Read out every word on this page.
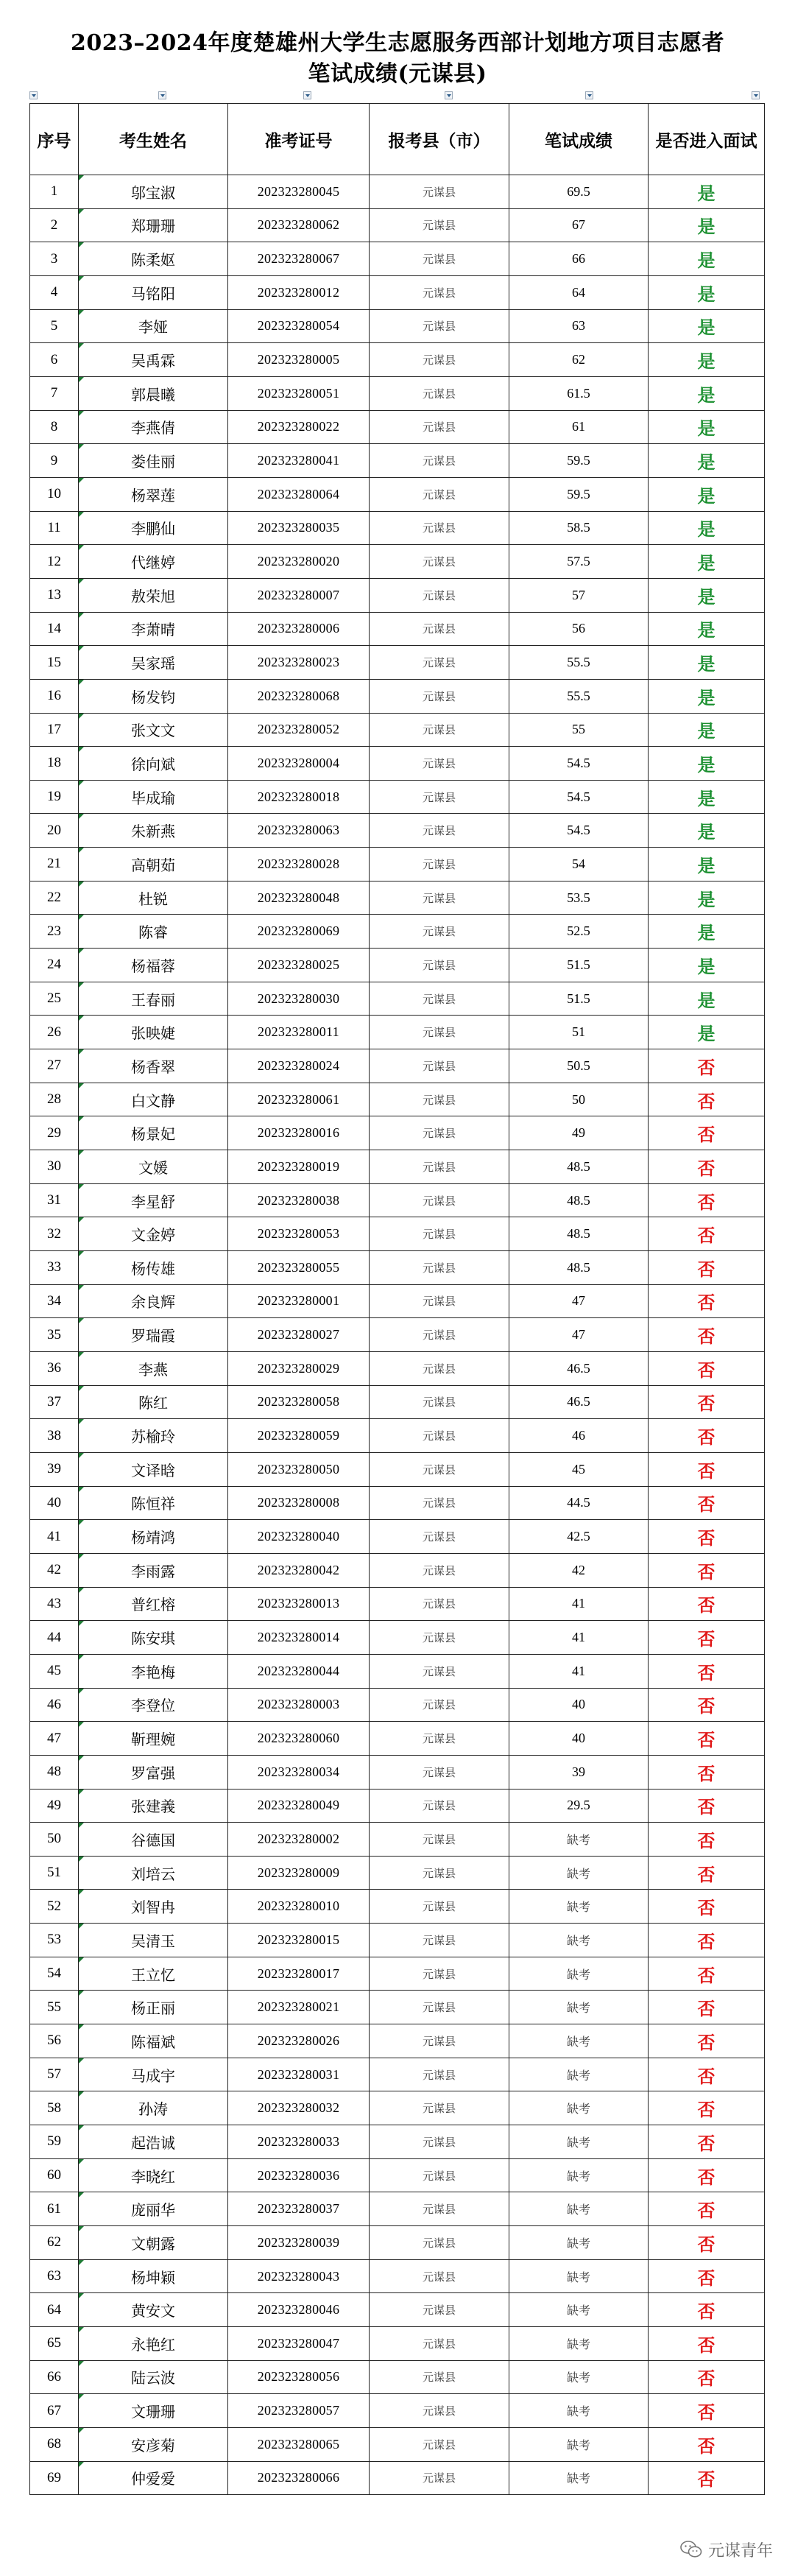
2023–2024年度楚雄州大学生志愿服务西部计划地方项目志愿者
笔试成绩(元谋县)
序号	考生姓名	准考证号	报考县（市）	笔试成绩	是否进入面试
1	邬宝淑	202323280045	元谋县	69.5	是
2	郑珊珊	202323280062	元谋县	67	是
3	陈柔妪	202323280067	元谋县	66	是
4	马铭阳	202323280012	元谋县	64	是
5	李娅	202323280054	元谋县	63	是
6	吴禹霖	202323280005	元谋县	62	是
7	郭晨曦	202323280051	元谋县	61.5	是
8	李燕倩	202323280022	元谋县	61	是
9	娄佳丽	202323280041	元谋县	59.5	是
10	杨翠莲	202323280064	元谋县	59.5	是
11	李鹏仙	202323280035	元谋县	58.5	是
12	代继婷	202323280020	元谋县	57.5	是
13	敖荣旭	202323280007	元谋县	57	是
14	李萧晴	202323280006	元谋县	56	是
15	吴家瑶	202323280023	元谋县	55.5	是
16	杨发钧	202323280068	元谋县	55.5	是
17	张文文	202323280052	元谋县	55	是
18	徐向斌	202323280004	元谋县	54.5	是
19	毕成瑜	202323280018	元谋县	54.5	是
20	朱新燕	202323280063	元谋县	54.5	是
21	高朝茹	202323280028	元谋县	54	是
22	杜锐	202323280048	元谋县	53.5	是
23	陈睿	202323280069	元谋县	52.5	是
24	杨福蓉	202323280025	元谋县	51.5	是
25	王春丽	202323280030	元谋县	51.5	是
26	张映婕	202323280011	元谋县	51	是
27	杨香翠	202323280024	元谋县	50.5	否
28	白文静	202323280061	元谋县	50	否
29	杨景妃	202323280016	元谋县	49	否
30	文媛	202323280019	元谋县	48.5	否
31	李星舒	202323280038	元谋县	48.5	否
32	文金婷	202323280053	元谋县	48.5	否
33	杨传雄	202323280055	元谋县	48.5	否
34	余良辉	202323280001	元谋县	47	否
35	罗瑞霞	202323280027	元谋县	47	否
36	李燕	202323280029	元谋县	46.5	否
37	陈红	202323280058	元谋县	46.5	否
38	苏榆玲	202323280059	元谋县	46	否
39	文译晗	202323280050	元谋县	45	否
40	陈恒祥	202323280008	元谋县	44.5	否
41	杨靖鸿	202323280040	元谋县	42.5	否
42	李雨露	202323280042	元谋县	42	否
43	普红榕	202323280013	元谋县	41	否
44	陈安琪	202323280014	元谋县	41	否
45	李艳梅	202323280044	元谋县	41	否
46	李登位	202323280003	元谋县	40	否
47	靳理婉	202323280060	元谋县	40	否
48	罗富强	202323280034	元谋县	39	否
49	张建義	202323280049	元谋县	29.5	否
50	谷德国	202323280002	元谋县	缺考	否
51	刘培云	202323280009	元谋县	缺考	否
52	刘智冉	202323280010	元谋县	缺考	否
53	吴清玉	202323280015	元谋县	缺考	否
54	王立忆	202323280017	元谋县	缺考	否
55	杨正丽	202323280021	元谋县	缺考	否
56	陈福斌	202323280026	元谋县	缺考	否
57	马成宇	202323280031	元谋县	缺考	否
58	孙涛	202323280032	元谋县	缺考	否
59	起浩诚	202323280033	元谋县	缺考	否
60	李晓红	202323280036	元谋县	缺考	否
61	庞丽华	202323280037	元谋县	缺考	否
62	文朝露	202323280039	元谋县	缺考	否
63	杨坤颖	202323280043	元谋县	缺考	否
64	黄安文	202323280046	元谋县	缺考	否
65	永艳红	202323280047	元谋县	缺考	否
66	陆云波	202323280056	元谋县	缺考	否
67	文珊珊	202323280057	元谋县	缺考	否
68	安彦菊	202323280065	元谋县	缺考	否
69	仲爱爱	202323280066	元谋县	缺考	否
元谋青年
